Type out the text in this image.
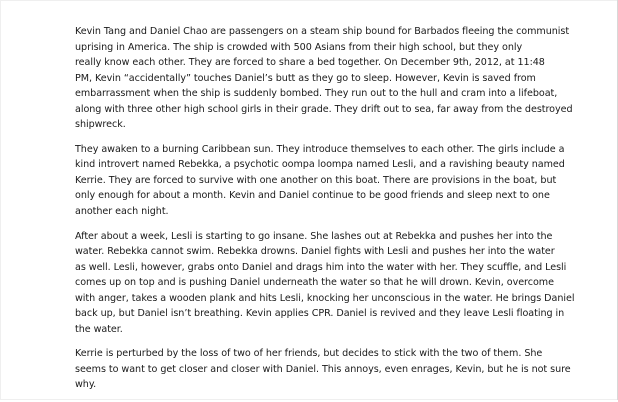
Kevin Tang and Daniel Chao are passengers on a steam ship bound for Barbados fleeing the communist
uprising in America. The ship is crowded with 500 Asians from their high school, but they only
really know each other. They are forced to share a bed together. On December 9th, 2012, at 11:48
PM, Kevin “accidentally” touches Daniel’s butt as they go to sleep. However, Kevin is saved from
embarrassment when the ship is suddenly bombed. They run out to the hull and cram into a lifeboat,
along with three other high school girls in their grade. They drift out to sea, far away from the destroyed
shipwreck.
They awaken to a burning Caribbean sun. They introduce themselves to each other. The girls include a
kind introvert named Rebekka, a psychotic oompa loompa named Lesli, and a ravishing beauty named
Kerrie. They are forced to survive with one another on this boat. There are provisions in the boat, but
only enough for about a month. Kevin and Daniel continue to be good friends and sleep next to one
another each night.
After about a week, Lesli is starting to go insane. She lashes out at Rebekka and pushes her into the
water. Rebekka cannot swim. Rebekka drowns. Daniel fights with Lesli and pushes her into the water
as well. Lesli, however, grabs onto Daniel and drags him into the water with her. They scuffle, and Lesli
comes up on top and is pushing Daniel underneath the water so that he will drown. Kevin, overcome
with anger, takes a wooden plank and hits Lesli, knocking her unconscious in the water. He brings Daniel
back up, but Daniel isn’t breathing. Kevin applies CPR. Daniel is revived and they leave Lesli floating in
the water.
Kerrie is perturbed by the loss of two of her friends, but decides to stick with the two of them. She
seems to want to get closer and closer with Daniel. This annoys, even enrages, Kevin, but he is not sure
why.
